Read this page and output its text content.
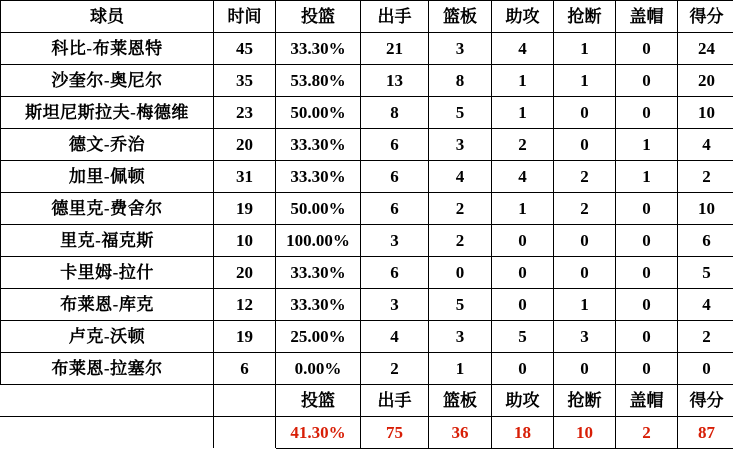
球员	时间	投篮	出手	篮板	助攻	抢断	盖帽	得分
科比-布莱恩特	45	33.30%	21	3	4	1	0	24
沙奎尔-奥尼尔	35	53.80%	13	8	1	1	0	20
斯坦尼斯拉夫-梅德维	23	50.00%	8	5	1	0	0	10
德文-乔治	20	33.30%	6	3	2	0	1	4
加里-佩顿	31	33.30%	6	4	4	2	1	2
德里克-费舍尔	19	50.00%	6	2	1	2	0	10
里克-福克斯	10	100.00%	3	2	0	0	0	6
卡里姆-拉什	20	33.30%	6	0	0	0	0	5
布莱恩-库克	12	33.30%	3	5	0	1	0	4
卢克-沃顿	19	25.00%	4	3	5	3	0	2
布莱恩-拉塞尔	6	0.00%	2	1	0	0	0	0
		投篮	出手	篮板	助攻	抢断	盖帽	得分
		41.30%	75	36	18	10	2	87
